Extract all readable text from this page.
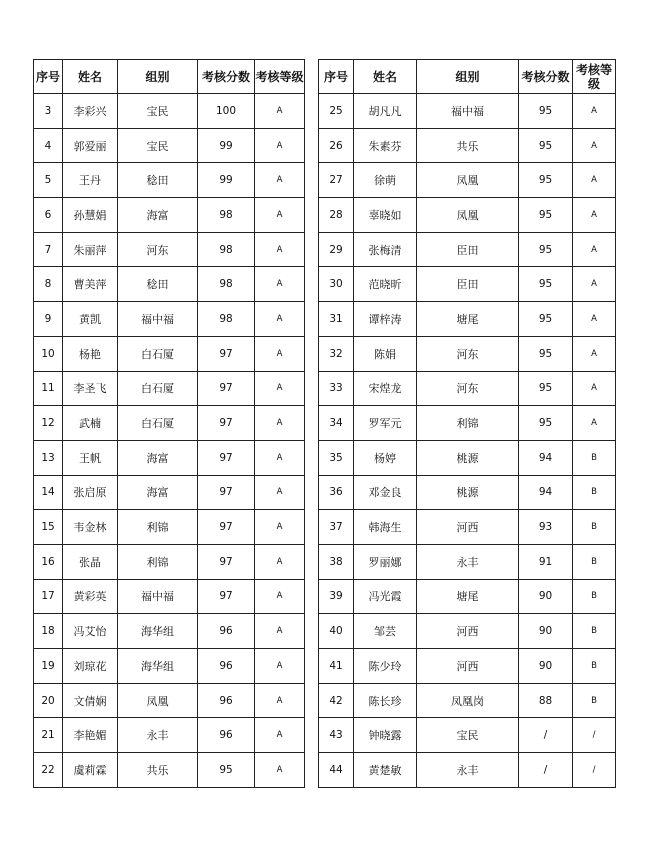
序号	姓名	组别	考核分数	考核等级
3	李彩兴	宝民	100	A
4	郭爱丽	宝民	99	A
5	王丹	稔田	99	A
6	孙慧娟	海富	98	A
7	朱丽萍	河东	98	A
8	曹美萍	稔田	98	A
9	黄凯	福中福	98	A
10	杨艳	白石厦	97	A
11	李圣飞	白石厦	97	A
12	武楠	白石厦	97	A
13	王帆	海富	97	A
14	张启原	海富	97	A
15	韦金林	利锦	97	A
16	张晶	利锦	97	A
17	黄彩英	福中福	97	A
18	冯艾怡	海华组	96	A
19	刘琼花	海华组	96	A
20	文倩娴	凤凰	96	A
21	李艳媚	永丰	96	A
22	虞莉霖	共乐	95	A
序号	姓名	组别	考核分数	考核等级
25	胡凡凡	福中福	95	A
26	朱素芬	共乐	95	A
27	徐萌	凤凰	95	A
28	辜晓如	凤凰	95	A
29	张梅清	臣田	95	A
30	范晓昕	臣田	95	A
31	谭梓涛	塘尾	95	A
32	陈娟	河东	95	A
33	宋煌龙	河东	95	A
34	罗军元	利锦	95	A
35	杨婷	桃源	94	B
36	邓金良	桃源	94	B
37	韩海生	河西	93	B
38	罗丽娜	永丰	91	B
39	冯光霞	塘尾	90	B
40	邹芸	河西	90	B
41	陈少玲	河西	90	B
42	陈长珍	凤凰岗	88	B
43	钟晓露	宝民	/	/
44	黄楚敏	永丰	/	/
